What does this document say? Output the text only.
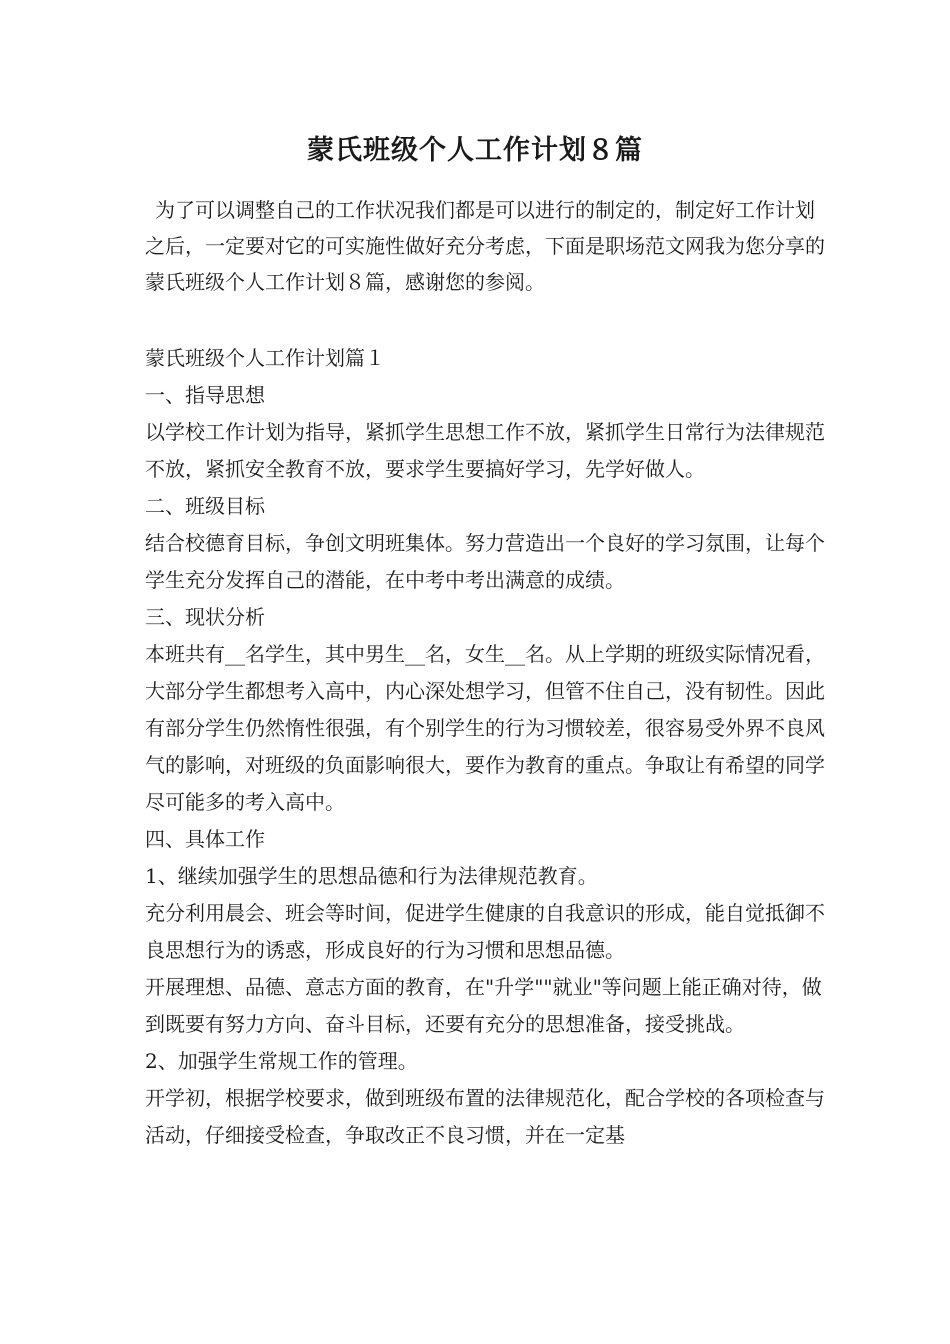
蒙氏班级个人工作计划８篇

为了可以调整自己的工作状况我们都是可以进行的制定的，制定好工作计划之后，一定要对它的可实施性做好充分考虑，下面是职场范文网我为您分享的蒙氏班级个人工作计划８篇，感谢您的参阅。

蒙氏班级个人工作计划篇１

一、指导思想

以学校工作计划为指导，紧抓学生思想工作不放，紧抓学生日常行为法律规范不放，紧抓安全教育不放，要求学生要搞好学习，先学好做人。

二、班级目标

结合校德育目标，争创文明班集体。努力营造出一个良好的学习氛围，让每个学生充分发挥自己的潜能，在中考中考出满意的成绩。

三、现状分析

本班共有__名学生，其中男生__名，女生__名。从上学期的班级实际情况看，大部分学生都想考入高中，内心深处想学习，但管不住自己，没有韧性。因此有部分学生仍然惰性很强，有个别学生的行为习惯较差，很容易受外界不良风气的影响，对班级的负面影响很大，要作为教育的重点。争取让有希望的同学尽可能多的考入高中。

四、具体工作

1、继续加强学生的思想品德和行为法律规范教育。

充分利用晨会、班会等时间，促进学生健康的自我意识的形成，能自觉抵御不良思想行为的诱惑，形成良好的行为习惯和思想品德。

开展理想、品德、意志方面的教育，在"升学""就业"等问题上能正确对待，做到既要有努力方向、奋斗目标，还要有充分的思想准备，接受挑战。

2、加强学生常规工作的管理。

开学初，根据学校要求，做到班级布置的法律规范化，配合学校的各项检查与活动，仔细接受检查，争取改正不良习惯，并在一定基
